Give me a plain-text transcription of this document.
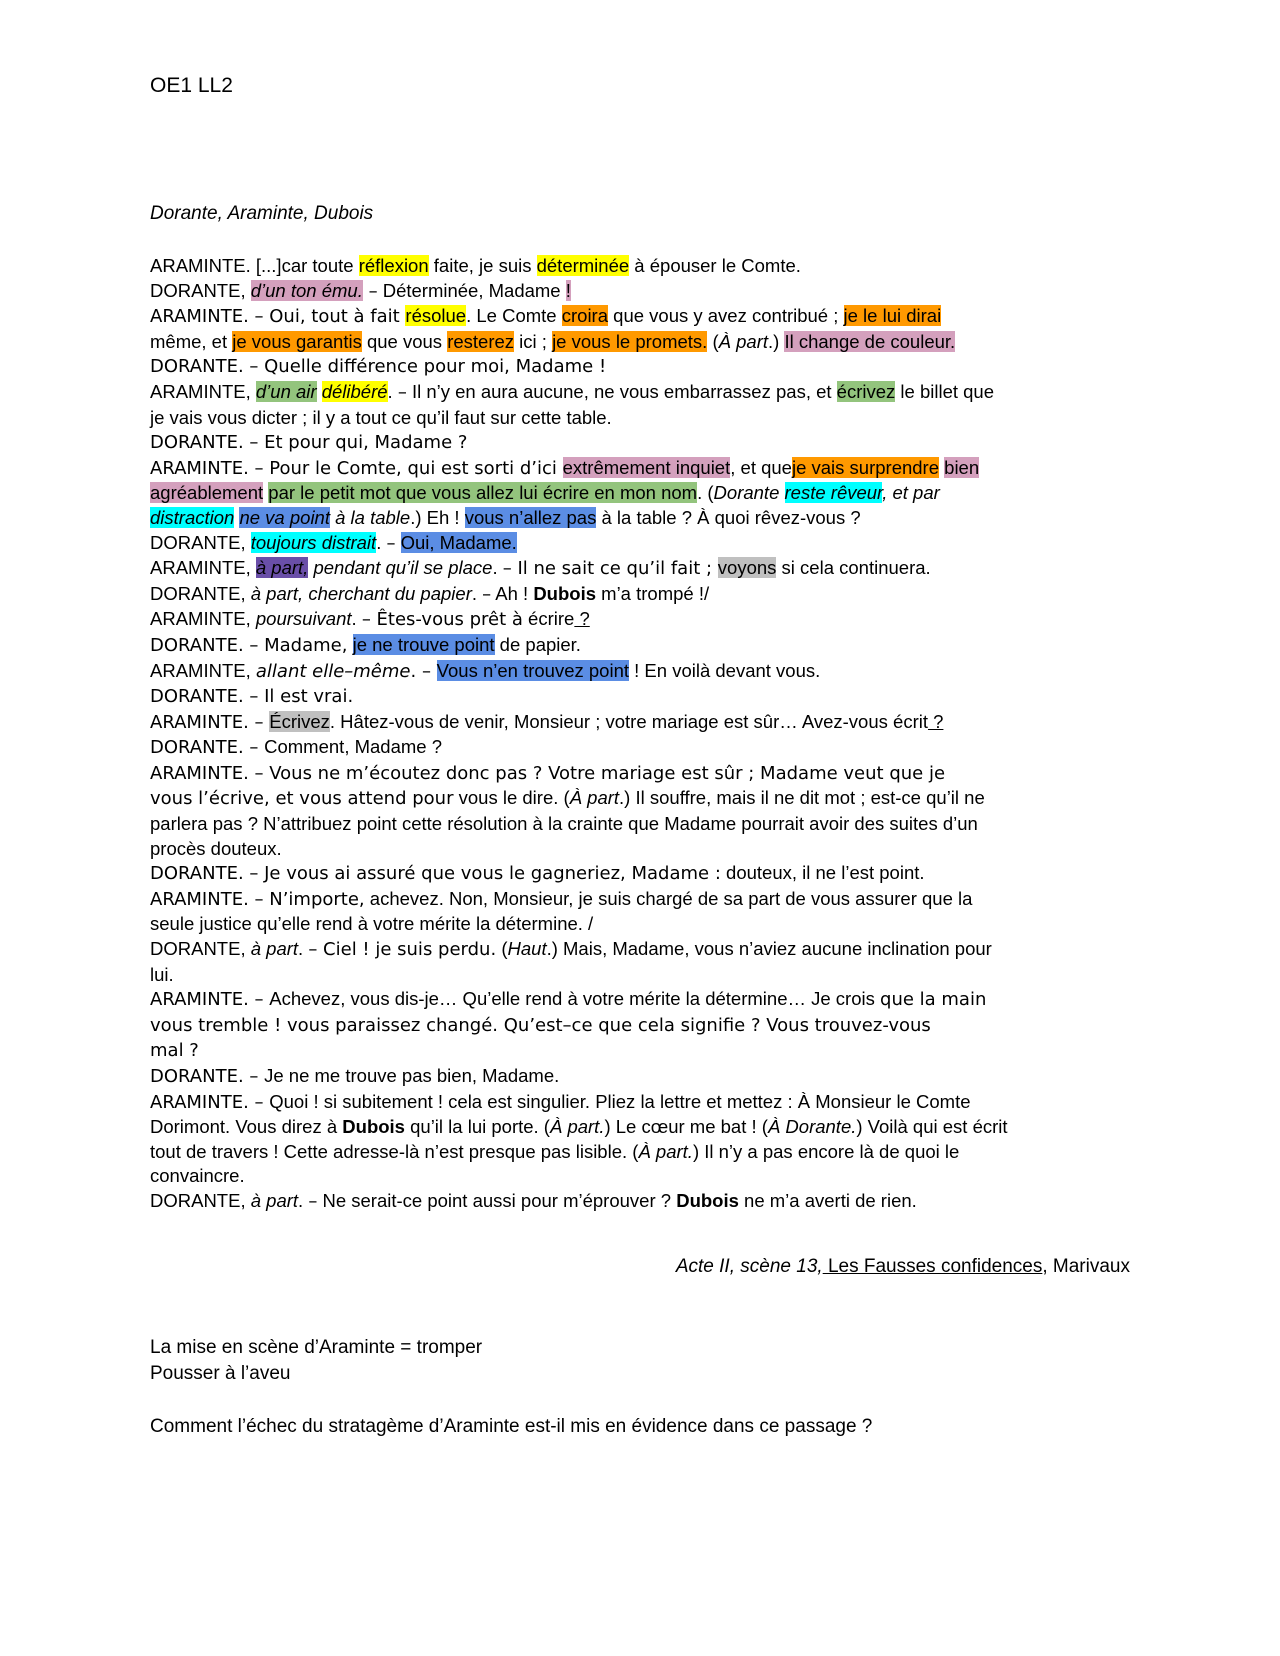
OE1 LL2
Dorante, Araminte, Dubois
ARAMINTE. [...]car toute réflexion faite, je suis déterminée à épouser le Comte.
DORANTE, d’un ton ému. – Déterminée, Madame !
ARAMINTE. – Oui, tout à fait résolue. Le Comte croira que vous y avez contribué ; je le lui dirai
même, et je vous garantis que vous resterez ici ; je vous le promets. (À part.) Il change de couleur.
DORANTE. – Quelle différence pour moi, Madame !
ARAMINTE, d’un air délibéré. – Il n’y en aura aucune, ne vous embarrassez pas, et écrivez le billet que
je vais vous dicter ; il y a tout ce qu’il faut sur cette table.
DORANTE. – Et pour qui, Madame ?
ARAMINTE. – Pour le Comte, qui est sorti d’ici extrêmement inquiet, et queje vais surprendre bien
agréablement par le petit mot que vous allez lui écrire en mon nom. (Dorante reste rêveur, et par
distraction ne va point à la table.) Eh ! vous n’allez pas à la table ? À quoi rêvez-vous ?
DORANTE, toujours distrait. – Oui, Madame.
ARAMINTE, à part, pendant qu’il se place. – Il ne sait ce qu’il fait ; voyons si cela continuera.
DORANTE, à part, cherchant du papier. – Ah ! Dubois m’a trompé !/
ARAMINTE, poursuivant. – Êtes-vous prêt à écrire ?
DORANTE. – Madame, je ne trouve point de papier.
ARAMINTE, allant elle–même. – Vous n’en trouvez point ! En voilà devant vous.
DORANTE. – Il est vrai.
ARAMINTE. – Écrivez. Hâtez-vous de venir, Monsieur ; votre mariage est sûr… Avez-vous écrit ?
DORANTE. – Comment, Madame ?
ARAMINTE. – Vous ne m’écoutez donc pas ? Votre mariage est sûr ; Madame veut que je
vous l’écrive, et vous attend pour vous le dire. (À part.) Il souffre, mais il ne dit mot ; est-ce qu’il ne
parlera pas ? N’attribuez point cette résolution à la crainte que Madame pourrait avoir des suites d’un
procès douteux.
DORANTE. – Je vous ai assuré que vous le gagneriez, Madame : douteux, il ne l’est point.
ARAMINTE. – N’importe, achevez. Non, Monsieur, je suis chargé de sa part de vous assurer que la
seule justice qu’elle rend à votre mérite la détermine. /
DORANTE, à part. – Ciel ! je suis perdu. (Haut.) Mais, Madame, vous n’aviez aucune inclination pour
lui.
ARAMINTE. – Achevez, vous dis-je… Qu’elle rend à votre mérite la détermine… Je crois que la main
vous tremble ! vous paraissez changé. Qu’est–ce que cela signifie ? Vous trouvez-vous
mal ?
DORANTE. – Je ne me trouve pas bien, Madame.
ARAMINTE. – Quoi ! si subitement ! cela est singulier. Pliez la lettre et mettez : À Monsieur le Comte
Dorimont. Vous direz à Dubois qu’il la lui porte. (À part.) Le cœur me bat ! (À Dorante.) Voilà qui est écrit
tout de travers ! Cette adresse-là n’est presque pas lisible. (À part.) Il n’y a pas encore là de quoi le
convaincre.
DORANTE, à part. – Ne serait-ce point aussi pour m’éprouver ? Dubois ne m’a averti de rien.
Acte II, scène 13, Les Fausses confidences, Marivaux
La mise en scène d’Araminte = tromper
Pousser à l’aveu
Comment l’échec du stratagème d’Araminte est-il mis en évidence dans ce passage ?
